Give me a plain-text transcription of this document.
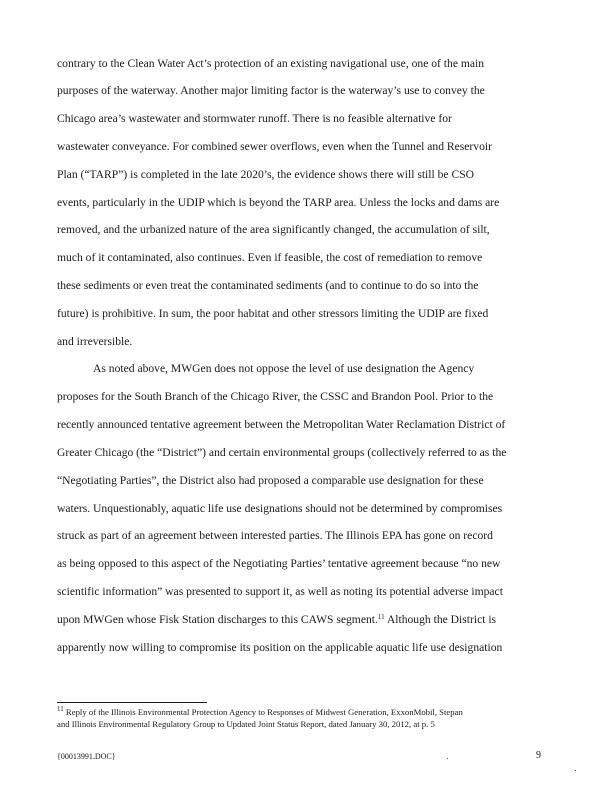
contrary to the Clean Water Act’s protection of an existing navigational use, one of the main
purposes of the waterway. Another major limiting factor is the waterway’s use to convey the
Chicago area’s wastewater and stormwater runoff. There is no feasible alternative for
wastewater conveyance. For combined sewer overflows, even when the Tunnel and Reservoir
Plan (“TARP”) is completed in the late 2020’s, the evidence shows there will still be CSO
events, particularly in the UDIP which is beyond the TARP area. Unless the locks and dams are
removed, and the urbanized nature of the area significantly changed, the accumulation of silt,
much of it contaminated, also continues. Even if feasible, the cost of remediation to remove
these sediments or even treat the contaminated sediments (and to continue to do so into the
future) is prohibitive. In sum, the poor habitat and other stressors limiting the UDIP are fixed
and irreversible.
As noted above, MWGen does not oppose the level of use designation the Agency
proposes for the South Branch of the Chicago River, the CSSC and Brandon Pool. Prior to the
recently announced tentative agreement between the Metropolitan Water Reclamation District of
Greater Chicago (the “District”) and certain environmental groups (collectively referred to as the
“Negotiating Parties”, the District also had proposed a comparable use designation for these
waters. Unquestionably, aquatic life use designations should not be determined by compromises
struck as part of an agreement between interested parties. The Illinois EPA has gone on record
as being opposed to this aspect of the Negotiating Parties’ tentative agreement because “no new
scientific information” was presented to support it, as well as noting its potential adverse impact
upon MWGen whose Fisk Station discharges to this CAWS segment.$^{11}$ Although the District is
apparently now willing to compromise its position on the applicable aquatic life use designation
$^{11}$ Reply of the Illinois Environmental Protection Agency to Responses of Midwest Generation, ExxonMobil, Stepan
and Illinois Environmental Regulatory Group to Updated Joint Status Report, dated January 30, 2012, at p. 5
{00013991.DOC}	9
